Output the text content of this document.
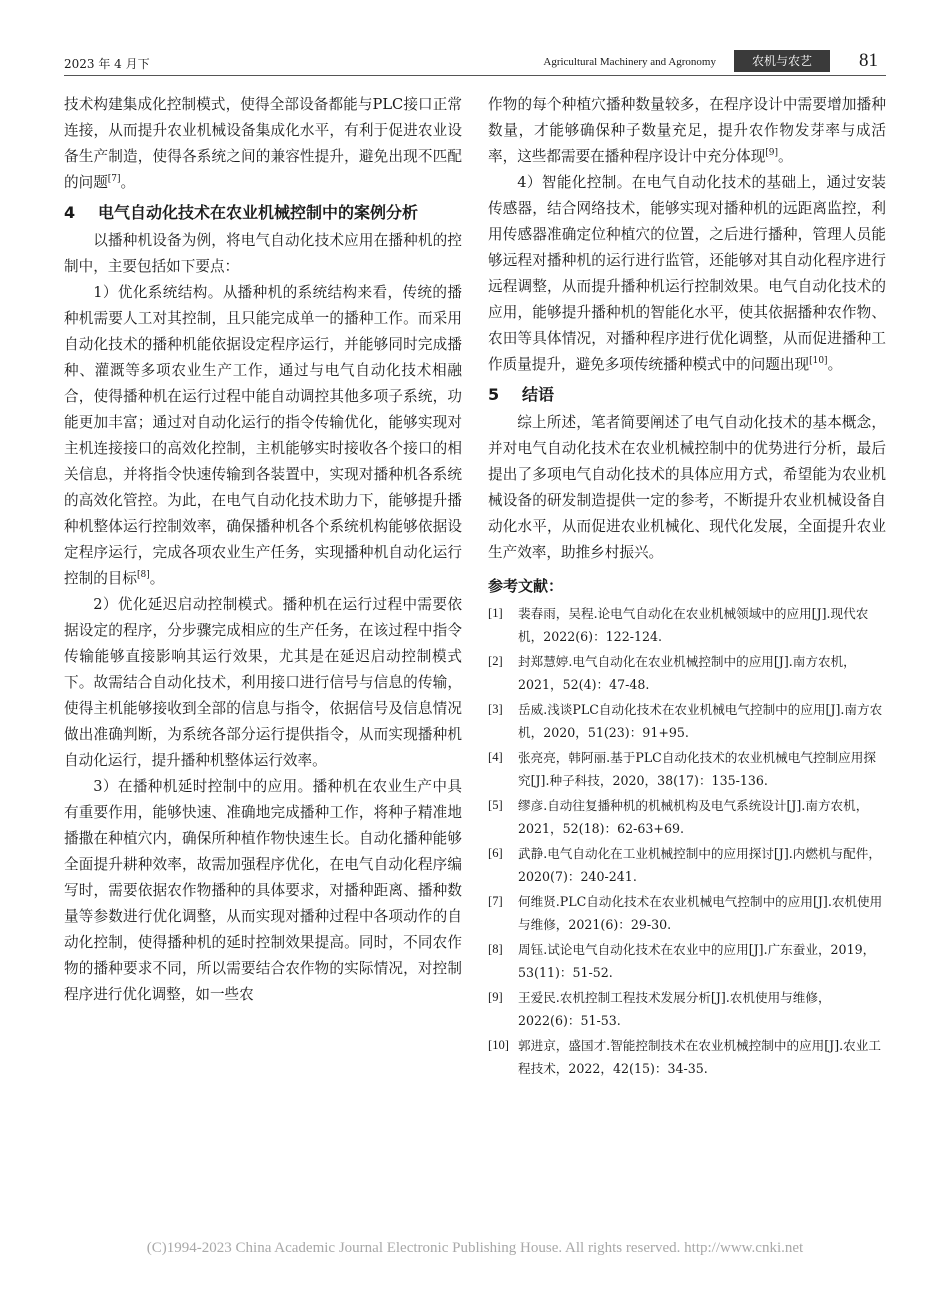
2023 年 4 月下	Agricultural Machinery and Agronomy	农机与农艺	81

技术构建集成化控制模式，使得全部设备都能与PLC接口正常连接，从而提升农业机械设备集成化水平，有利于促进农业设备生产制造，使得各系统之间的兼容性提升，避免出现不匹配的问题[7]。

4 电气自动化技术在农业机械控制中的案例分析

以播种机设备为例，将电气自动化技术应用在播种机的控制中，主要包括如下要点：

1）优化系统结构。从播种机的系统结构来看，传统的播种机需要人工对其控制，且只能完成单一的播种工作。而采用自动化技术的播种机能依据设定程序运行，并能够同时完成播种、灌溉等多项农业生产工作，通过与电气自动化技术相融合，使得播种机在运行过程中能自动调控其他多项子系统，功能更加丰富；通过对自动化运行的指令传输优化，能够实现对主机连接接口的高效化控制，主机能够实时接收各个接口的相关信息，并将指令快速传输到各装置中，实现对播种机各系统的高效化管控。为此，在电气自动化技术助力下，能够提升播种机整体运行控制效率，确保播种机各个系统机构能够依据设定程序运行，完成各项农业生产任务，实现播种机自动化运行控制的目标[8]。

2）优化延迟启动控制模式。播种机在运行过程中需要依据设定的程序，分步骤完成相应的生产任务，在该过程中指令传输能够直接影响其运行效果，尤其是在延迟启动控制模式下。故需结合自动化技术，利用接口进行信号与信息的传输，使得主机能够接收到全部的信息与指令，依据信号及信息情况做出准确判断，为系统各部分运行提供指令，从而实现播种机自动化运行，提升播种机整体运行效率。

3）在播种机延时控制中的应用。播种机在农业生产中具有重要作用，能够快速、准确地完成播种工作，将种子精准地播撒在种植穴内，确保所种植作物快速生长。自动化播种能够全面提升耕种效率，故需加强程序优化，在电气自动化程序编写时，需要依据农作物播种的具体要求，对播种距离、播种数量等参数进行优化调整，从而实现对播种过程中各项动作的自动化控制，使得播种机的延时控制效果提高。同时，不同农作物的播种要求不同，所以需要结合农作物的实际情况，对控制程序进行优化调整，如一些农

作物的每个种植穴播种数量较多，在程序设计中需要增加播种数量，才能够确保种子数量充足，提升农作物发芽率与成活率，这些都需要在播种程序设计中充分体现[9]。

4）智能化控制。在电气自动化技术的基础上，通过安装传感器，结合网络技术，能够实现对播种机的远距离监控，利用传感器准确定位种植穴的位置，之后进行播种，管理人员能够远程对播种机的运行进行监管，还能够对其自动化程序进行远程调整，从而提升播种机运行控制效果。电气自动化技术的应用，能够提升播种机的智能化水平，使其依据播种农作物、农田等具体情况，对播种程序进行优化调整，从而促进播种工作质量提升，避免多项传统播种模式中的问题出现[10]。

5 结语

综上所述，笔者简要阐述了电气自动化技术的基本概念，并对电气自动化技术在农业机械控制中的优势进行分析，最后提出了多项电气自动化技术的具体应用方式，希望能为农业机械设备的研发制造提供一定的参考，不断提升农业机械设备自动化水平，从而促进农业机械化、现代化发展，全面提升农业生产效率，助推乡村振兴。

参考文献：
[1] 裴春雨，吴程.论电气自动化在农业机械领域中的应用[J].现代农机，2022(6)：122-124.
[2] 封郑慧婷.电气自动化在农业机械控制中的应用[J].南方农机，2021，52(4)：47-48.
[3] 岳威.浅谈PLC自动化技术在农业机械电气控制中的应用[J].南方农机，2020，51(23)：91+95.
[4] 张亮亮，韩阿丽.基于PLC自动化技术的农业机械电气控制应用探究[J].种子科技，2020，38(17)：135-136.
[5] 缪彦.自动往复播种机的机械机构及电气系统设计[J].南方农机，2021，52(18)：62-63+69.
[6] 武静.电气自动化在工业机械控制中的应用探讨[J].内燃机与配件，2020(7)：240-241.
[7] 何维贤.PLC自动化技术在农业机械电气控制中的应用[J].农机使用与维修，2021(6)：29-30.
[8] 周钰.试论电气自动化技术在农业中的应用[J].广东蚕业，2019，53(11)：51-52.
[9] 王爱民.农机控制工程技术发展分析[J].农机使用与维修，2022(6)：51-53.
[10] 郭进京，盛国才.智能控制技术在农业机械控制中的应用[J].农业工程技术，2022，42(15)：34-35.
(C)1994-2023 China Academic Journal Electronic Publishing House. All rights reserved. http://www.cnki.net
